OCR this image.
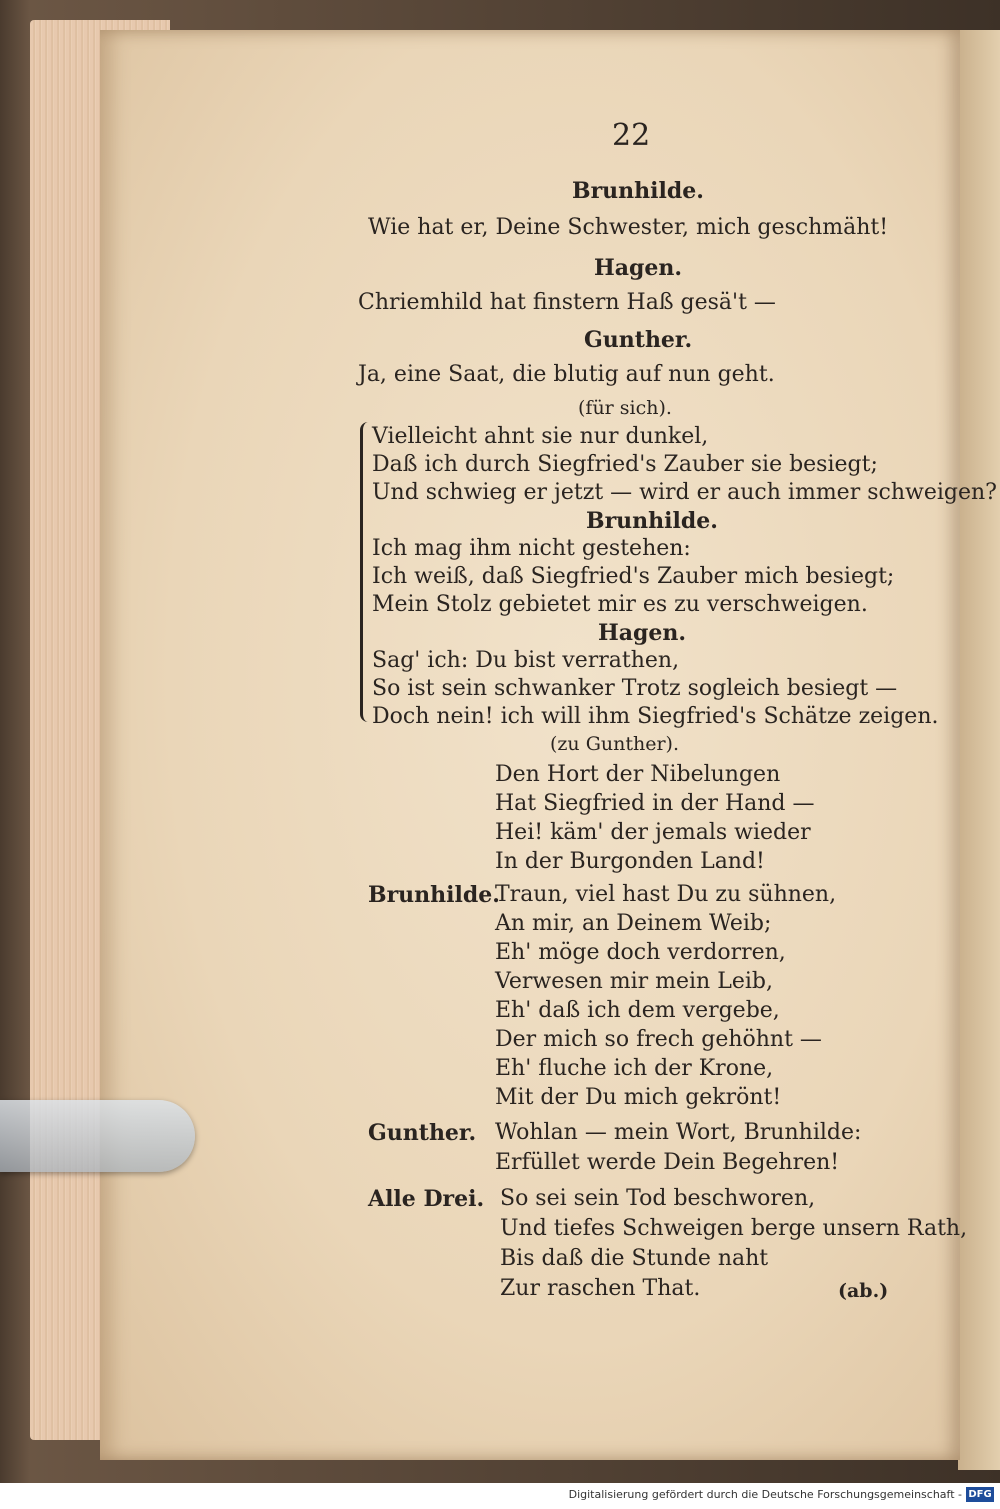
22
Brunhilde.
Wie hat er, Deine Schwester, mich geschmäht!
Hagen.
Chriemhild hat finstern Haß gesä't —
Gunther.
Ja, eine Saat, die blutig auf nun geht.
(für sich).
Vielleicht ahnt sie nur dunkel,
Daß ich durch Siegfried's Zauber sie besiegt;
Und schwieg er jetzt — wird er auch immer schweigen?
Brunhilde.
Ich mag ihm nicht gestehen:
Ich weiß, daß Siegfried's Zauber mich besiegt;
Mein Stolz gebietet mir es zu verschweigen.
Hagen.
Sag' ich: Du bist verrathen,
So ist sein schwanker Trotz sogleich besiegt —
Doch nein! ich will ihm Siegfried's Schätze zeigen.
(zu Gunther).
Den Hort der Nibelungen
Hat Siegfried in der Hand —
Hei! käm' der jemals wieder
In der Burgonden Land!
Brunhilde.
Traun, viel hast Du zu sühnen,
An mir, an Deinem Weib;
Eh' möge doch verdorren,
Verwesen mir mein Leib,
Eh' daß ich dem vergebe,
Der mich so frech gehöhnt —
Eh' fluche ich der Krone,
Mit der Du mich gekrönt!
Gunther. Wohlan — mein Wort, Brunhilde:
Erfüllet werde Dein Begehren!
Alle Drei. So sei sein Tod beschworen,
Und tiefes Schweigen berge unsern Rath,
Bis daß die Stunde naht
Zur raschen That.	(ab.)
Digitalisierung gefördert durch die Deutsche Forschungsgemeinschaft - DFG
